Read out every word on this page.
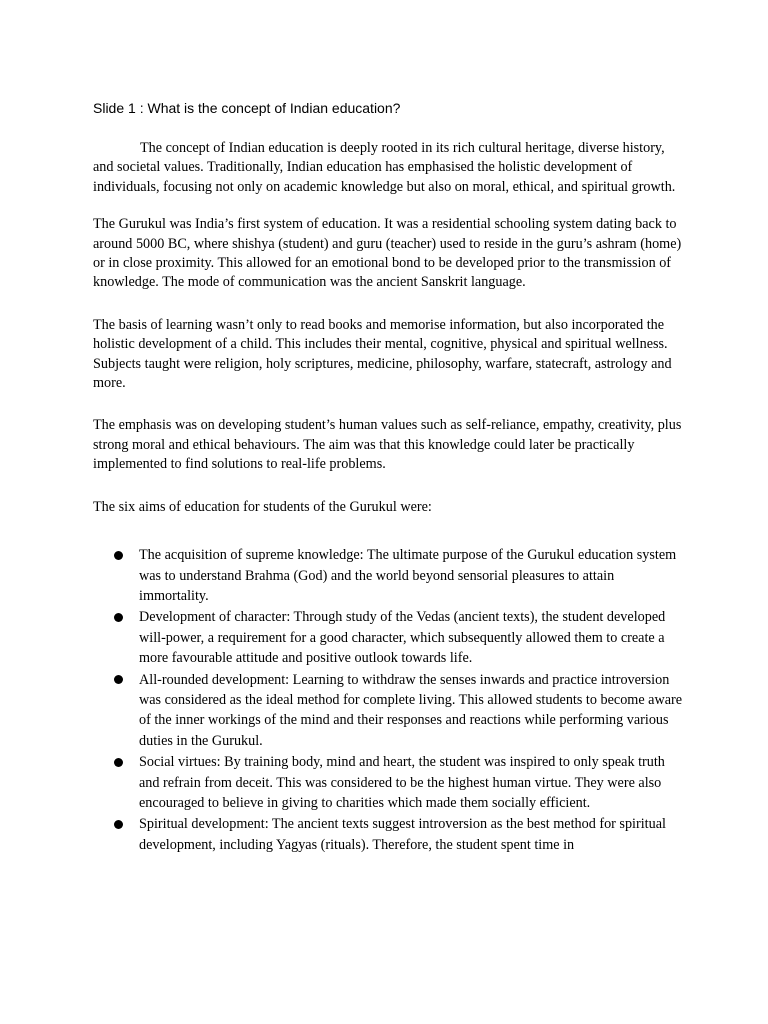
Slide 1 : What is the concept of Indian education?

The concept of Indian education is deeply rooted in its rich cultural heritage, diverse history, and societal values. Traditionally, Indian education has emphasised the holistic development of individuals, focusing not only on academic knowledge but also on moral, ethical, and spiritual growth.

The Gurukul was India’s first system of education. It was a residential schooling system dating back to around 5000 BC, where shishya (student) and guru (teacher) used to reside in the guru’s ashram (home) or in close proximity. This allowed for an emotional bond to be developed prior to the transmission of knowledge. The mode of communication was the ancient Sanskrit language.

The basis of learning wasn’t only to read books and memorise information, but also incorporated the holistic development of a child. This includes their mental, cognitive, physical and spiritual wellness. Subjects taught were religion, holy scriptures, medicine, philosophy, warfare, statecraft, astrology and more.

The emphasis was on developing student’s human values such as self-reliance, empathy, creativity, plus strong moral and ethical behaviours. The aim was that this knowledge could later be practically implemented to find solutions to real-life problems.

The six aims of education for students of the Gurukul were:

The acquisition of supreme knowledge: The ultimate purpose of the Gurukul education system was to understand Brahma (God) and the world beyond sensorial pleasures to attain immortality.
Development of character: Through study of the Vedas (ancient texts), the student developed will-power, a requirement for a good character, which subsequently allowed them to create a more favourable attitude and positive outlook towards life.
All-rounded development: Learning to withdraw the senses inwards and practice introversion was considered as the ideal method for complete living. This allowed students to become aware of the inner workings of the mind and their responses and reactions while performing various duties in the Gurukul.
Social virtues: By training body, mind and heart, the student was inspired to only speak truth and refrain from deceit. This was considered to be the highest human virtue. They were also encouraged to believe in giving to charities which made them socially efficient.
Spiritual development: The ancient texts suggest introversion as the best method for spiritual development, including Yagyas (rituals). Therefore, the student spent time in
